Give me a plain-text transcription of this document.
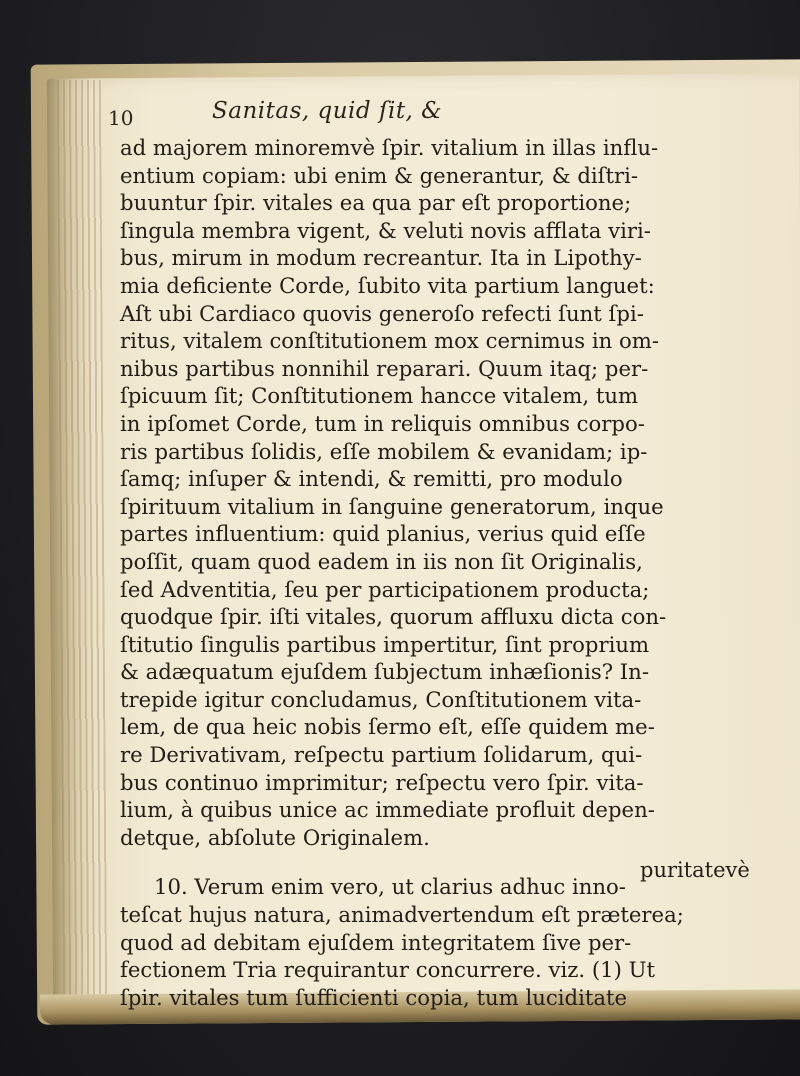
10	Sanitas, quid ſit, &
ad majorem minoremvè ſpir. vitalium in illas influ-
entium copiam: ubi enim & generantur, & diſtri-
buuntur ſpir. vitales ea qua par eſt proportione;
ſingula membra vigent, & veluti novis afflata viri-
bus, mirum in modum recreantur. Ita in Lipothy-
mia deficiente Corde, ſubito vita partium languet:
Aſt ubi Cardiaco quovis generoſo refecti ſunt ſpi-
ritus, vitalem conſtitutionem mox cernimus in om-
nibus partibus nonnihil reparari. Quum itaq; per-
ſpicuum ſit; Conſtitutionem hancce vitalem, tum
in ipſomet Corde, tum in reliquis omnibus corpo-
ris partibus ſolidis, eſſe mobilem & evanidam; ip-
ſamq; inſuper & intendi, & remitti, pro modulo
ſpirituum vitalium in ſanguine generatorum, inque
partes influentium: quid planius, verius quid eſſe
poſſit, quam quod eadem in iis non ſit Originalis,
ſed Adventitia, ſeu per participationem producta;
quodque ſpir. iſti vitales, quorum affluxu dicta con-
ſtitutio ſingulis partibus impertitur, ſint proprium
& adæquatum ejuſdem ſubjectum inhæſionis? In-
trepide igitur concludamus, Conſtitutionem vita-
lem, de qua heic nobis ſermo eſt, eſſe quidem me-
re Derivativam, reſpectu partium ſolidarum, qui-
bus continuo imprimitur; reſpectu vero ſpir. vita-
lium, à quibus unice ac immediate profluit depen-
detque, abſolute Originalem.
10. Verum enim vero, ut clarius adhuc inno-
teſcat hujus natura, animadvertendum eſt præterea;
quod ad debitam ejuſdem integritatem ſive per-
fectionem Tria requirantur concurrere. viz. (1) Ut
ſpir. vitales tum ſufficienti copia, tum luciditate
puritatevè
